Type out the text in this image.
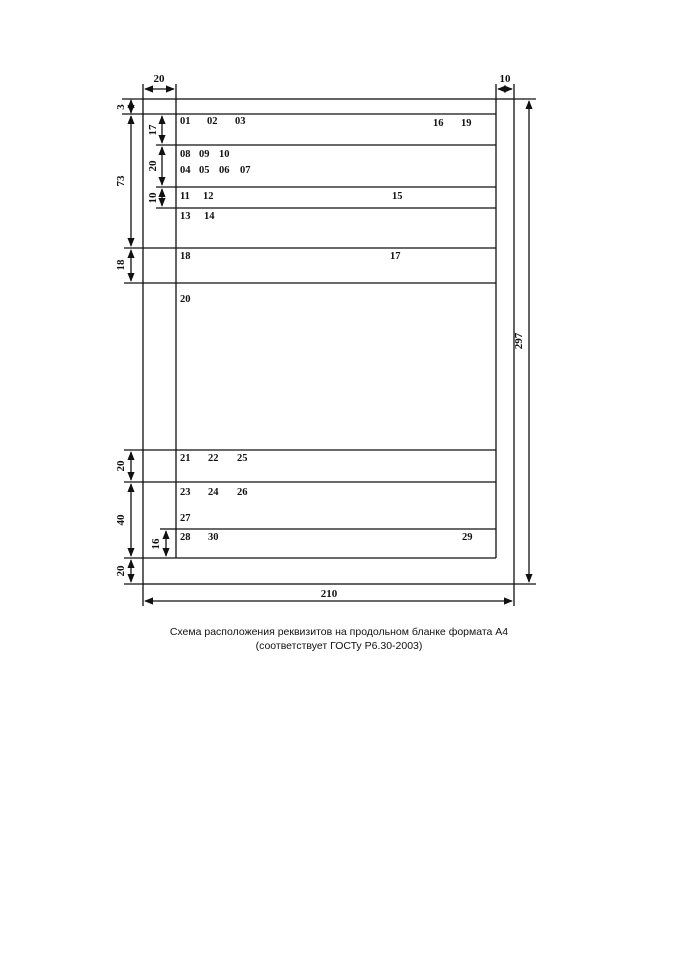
20	10
3
73
18
17
20
10
20
40
16
20
297
210
01 02 03	16 19
08 09 10
04 05 06 07
11 12	15
13 14
18	17
20
21 22 25
23 24 26
27
28 30	29
Схема расположения реквизитов на продольном бланке формата А4
(соответствует ГОСТу Р6.30-2003)
